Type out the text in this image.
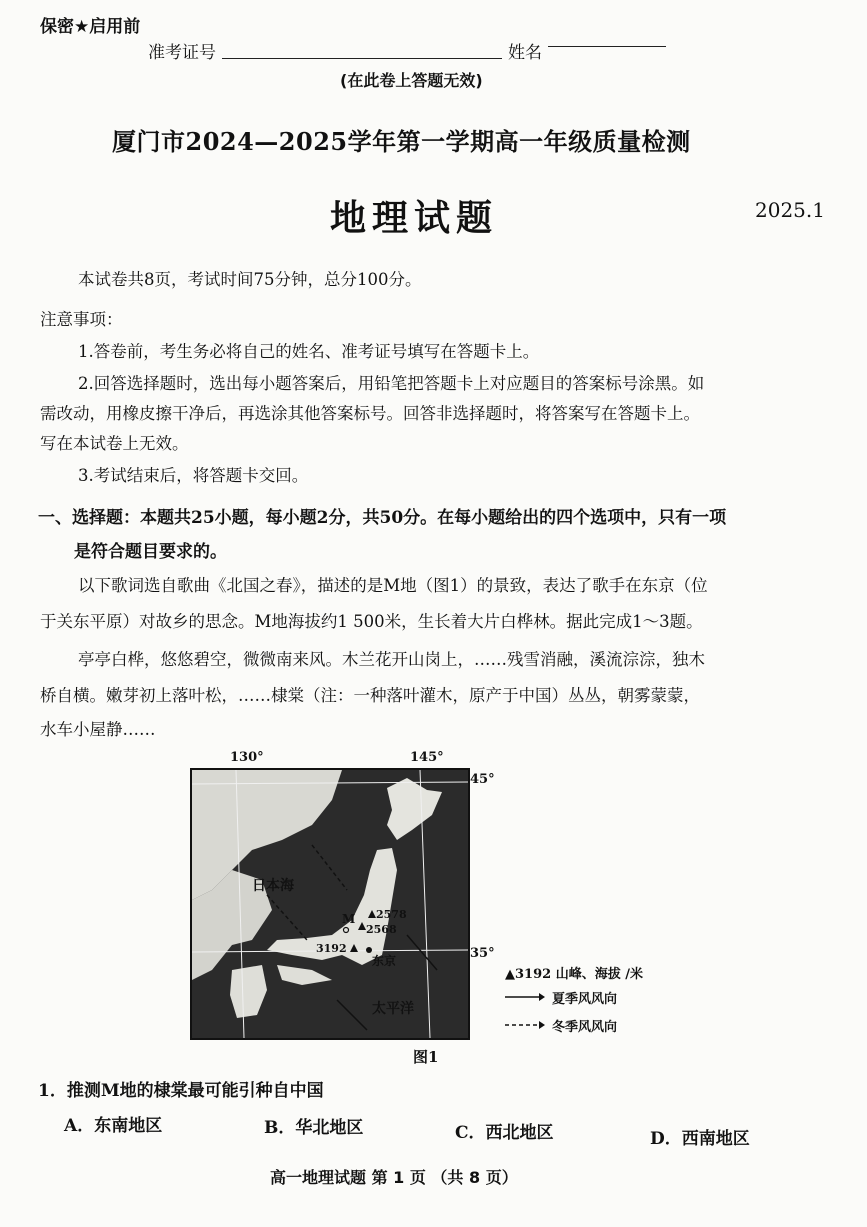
保密★启用前
准考证号	姓名
(在此卷上答题无效)
厦门市2024—2025学年第一学期高一年级质量检测
地理试题	2025.1
本试卷共8页，考试时间75分钟，总分100分。
注意事项：
1.答卷前，考生务必将自己的姓名、准考证号填写在答题卡上。
2.回答选择题时，选出每小题答案后，用铅笔把答题卡上对应题目的答案标号涂黑。如
需改动，用橡皮擦干净后，再选涂其他答案标号。回答非选择题时，将答案写在答题卡上。
写在本试卷上无效。
3.考试结束后，将答题卡交回。
一、选择题：本题共25小题，每小题2分，共50分。在每小题给出的四个选项中，只有一项
是符合题目要求的。
以下歌词选自歌曲《北国之春》，描述的是M地（图1）的景致，表达了歌手在东京（位
于关东平原）对故乡的思念。M地海拔约1 500米，生长着大片白桦林。据此完成1～3题。
亭亭白桦，悠悠碧空，微微南来风。木兰花开山岗上，……残雪消融，溪流淙淙，独木
桥自横。嫩芽初上落叶松，……棣棠（注：一种落叶灌木，原产于中国）丛丛，朝雾蒙蒙，
水车小屋静……
130°	145°
45°
35°
日本海
太平洋
M 2578
2568
3192
东京
▲3192 山峰、海拔 /米
夏季风风向
冬季风风向
图1
1．推测M地的棣棠最可能引种自中国
A．东南地区	B．华北地区	C．西北地区	D．西南地区
高一地理试题 第 1 页 （共 8 页）
